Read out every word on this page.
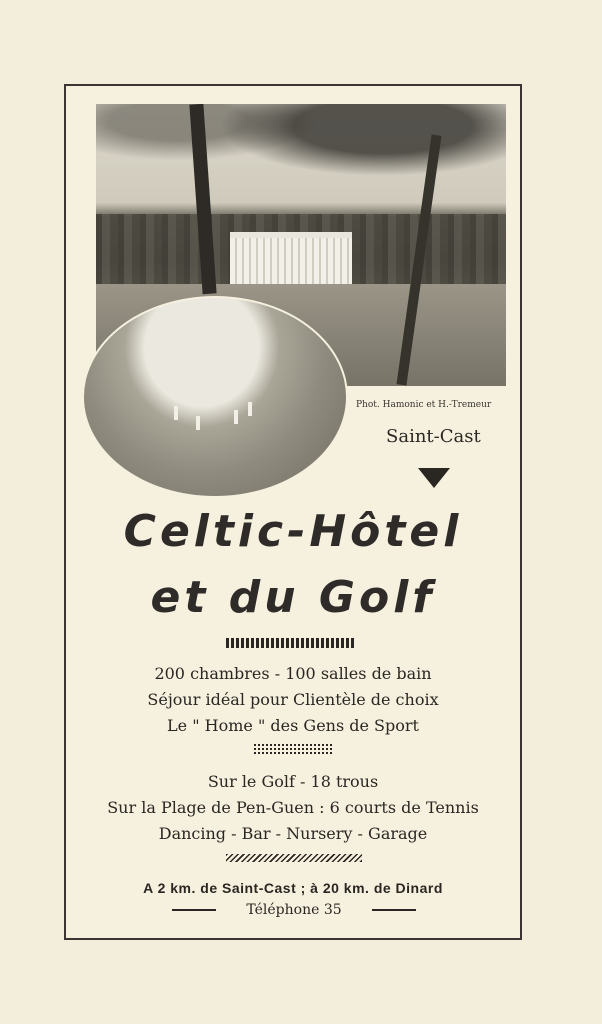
Phot. Hamonic et H.-Tremeur
Saint-Cast
Celtic-Hôtel
et du Golf
200 chambres - 100 salles de bain
Séjour idéal pour Clientèle de choix
Le " Home " des Gens de Sport
Sur le Golf - 18 trous
Sur la Plage de Pen-Guen : 6 courts de Tennis
Dancing - Bar - Nursery - Garage
A 2 km. de Saint-Cast ; à 20 km. de Dinard
Téléphone 35
